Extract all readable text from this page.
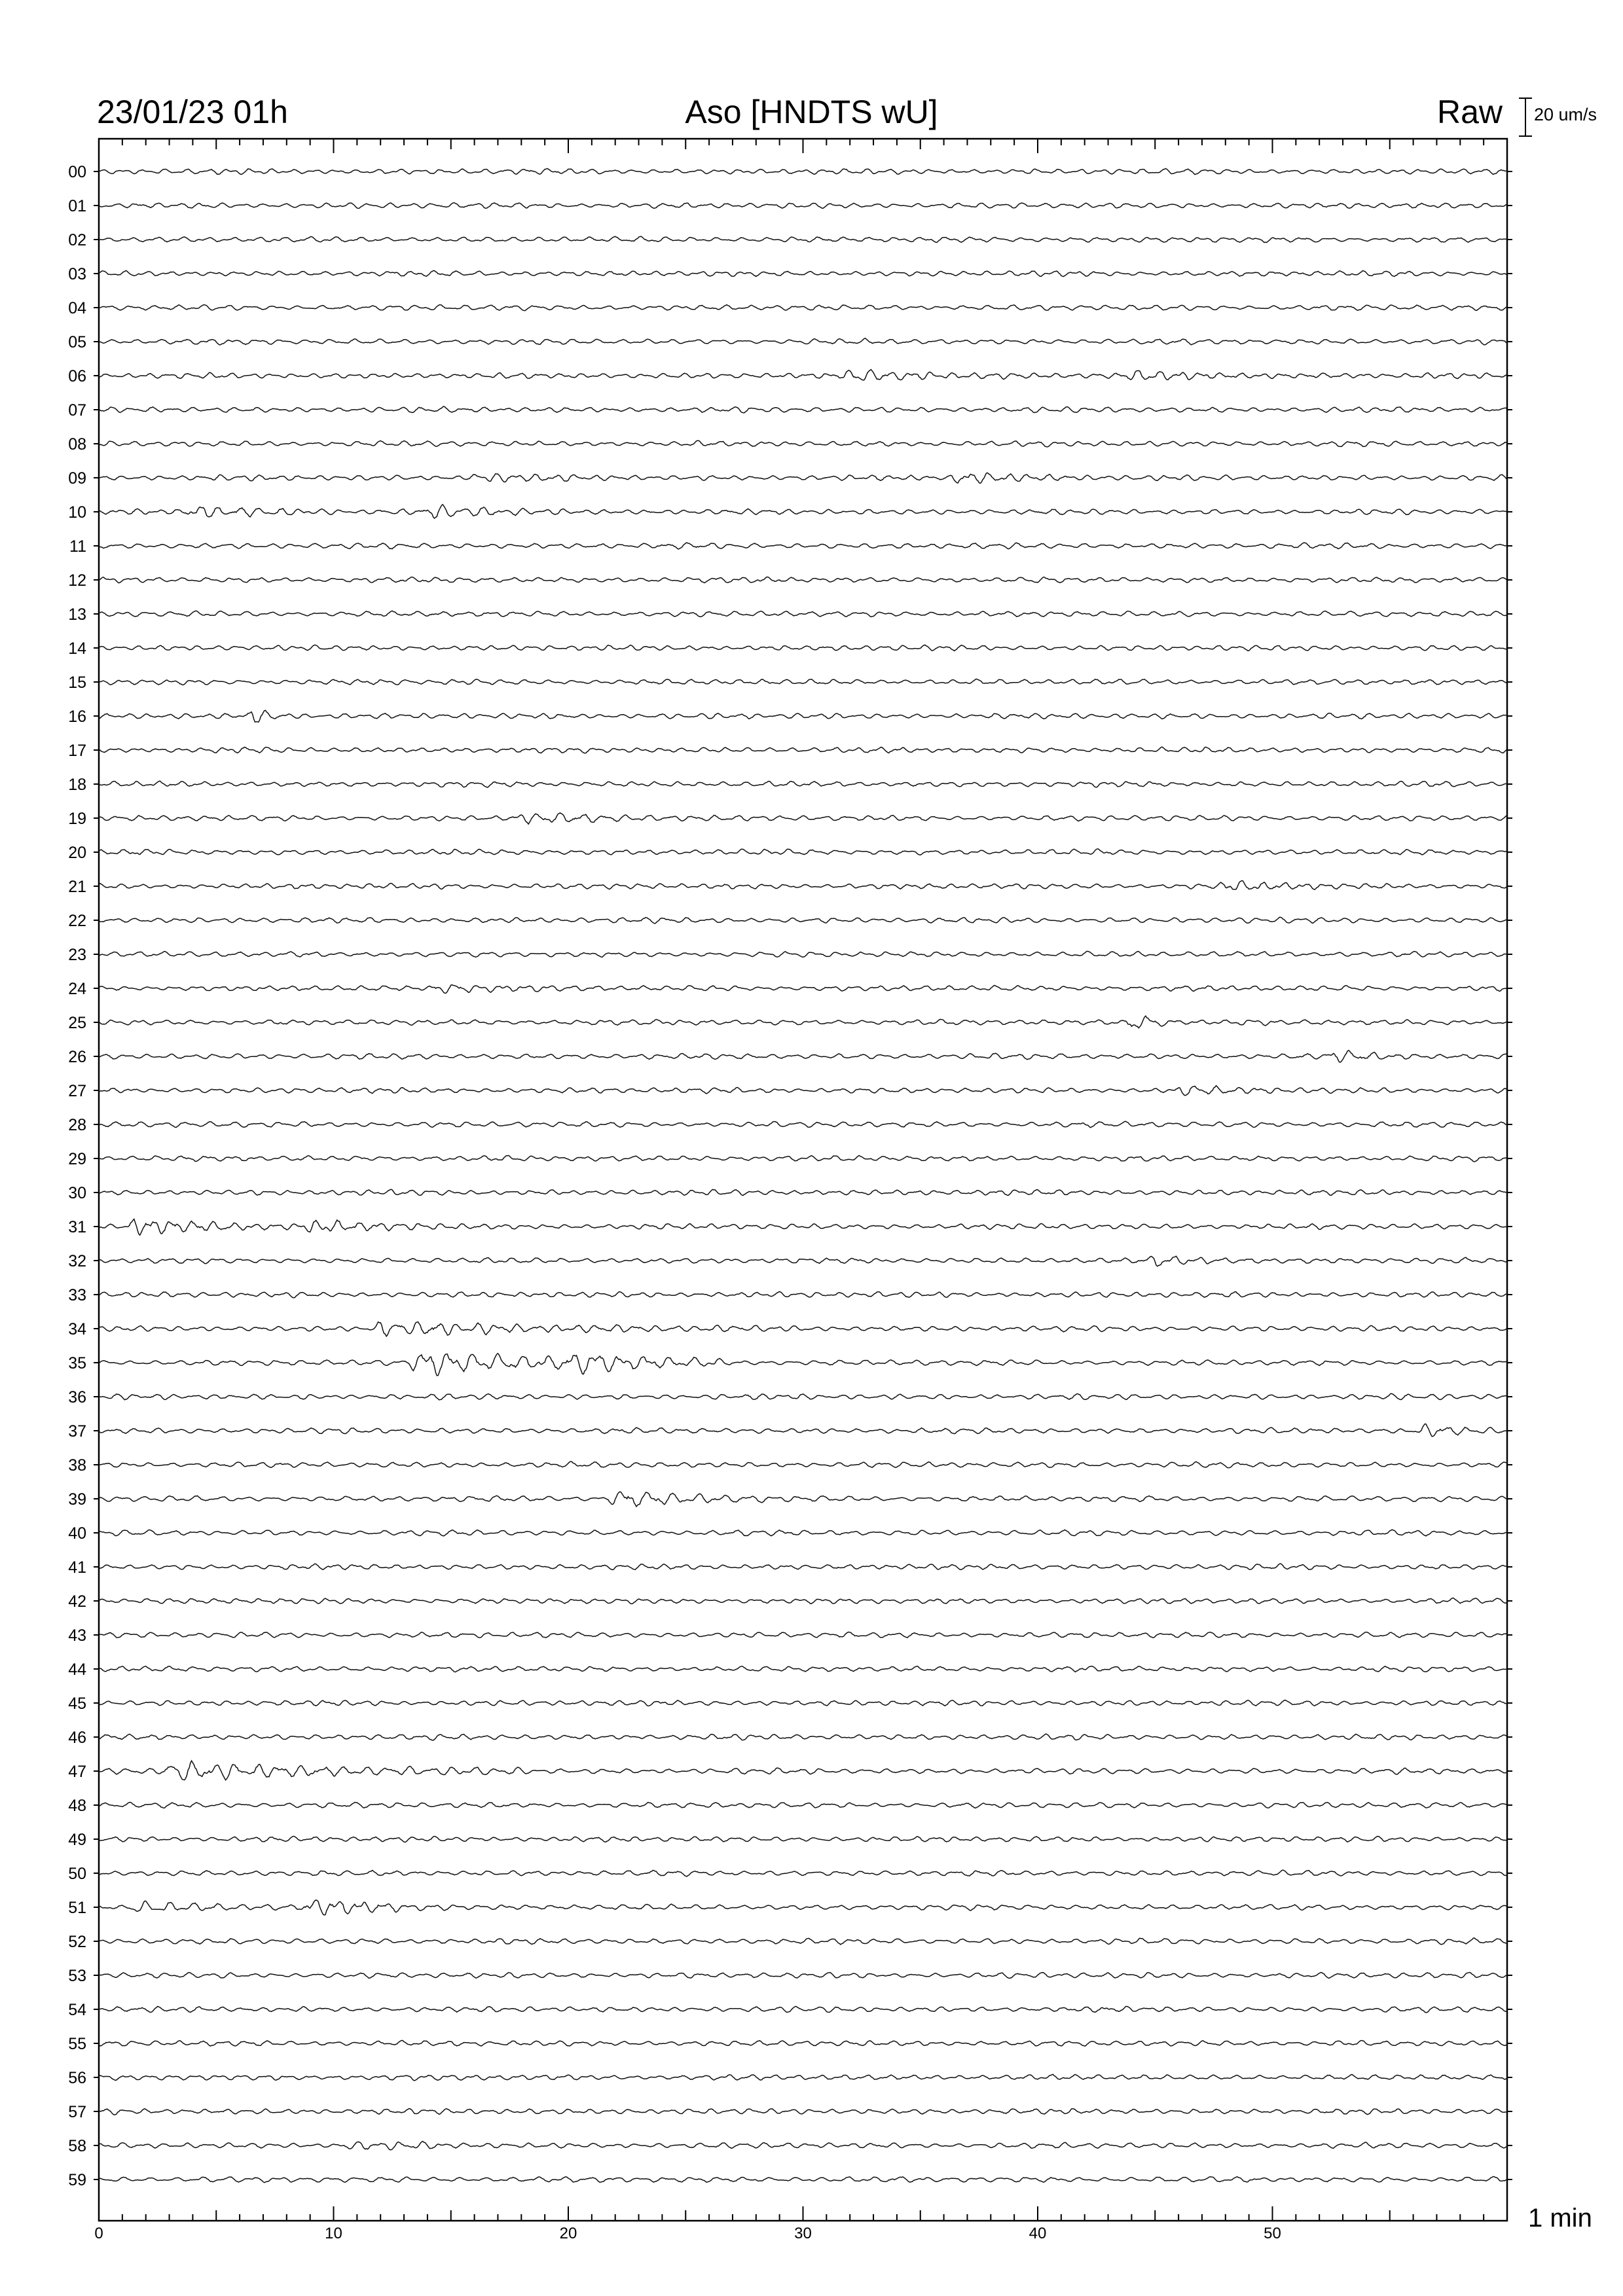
23/01/23 01h	Aso [HNDTS wU]	Raw 20 um/s
1 min
00
01
02
03
04
05
06
07
08
09
10
11
12
13
14
15
16
17
18
19
20
21
22
23
24
25
26
27
28
29
30
31
32
33
34
35
36
37
38
39
40
41
42
43
44
45
46
47
48
49
50
51
52
53
54
55
56
57
58
59
0	10	20	30	40	50
